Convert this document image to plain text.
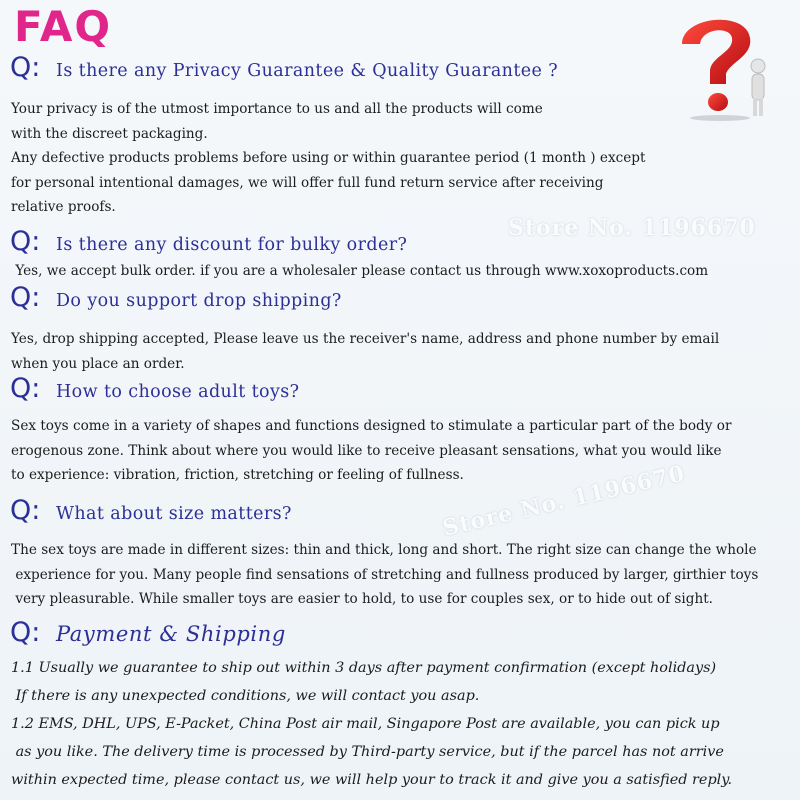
FAQ
Store No. 1196670
Store No. 1196670
Q: Is there any Privacy Guarantee & Quality Guarantee ?
Your privacy is of the utmost importance to us and all the products will come
with the discreet packaging.
Any defective products problems before using or within guarantee period (1 month ) except
for personal intentional damages, we will offer full fund return service after receiving
relative proofs.
Q: Is there any discount for bulky order?
Yes, we accept bulk order. if you are a wholesaler please contact us through www.xoxoproducts.com
Q: Do you support drop shipping?
Yes, drop shipping accepted, Please leave us the receiver's name, address and phone number by email
when you place an order.
Q: How to choose adult toys?
Sex toys come in a variety of shapes and functions designed to stimulate a particular part of the body or
erogenous zone. Think about where you would like to receive pleasant sensations, what you would like
to experience: vibration, friction, stretching or feeling of fullness.
Q: What about size matters?
The sex toys are made in different sizes: thin and thick, long and short. The right size can change the whole
experience for you. Many people find sensations of stretching and fullness produced by larger, girthier toys
very pleasurable. While smaller toys are easier to hold, to use for couples sex, or to hide out of sight.
Q: Payment & Shipping
1.1 Usually we guarantee to ship out within 3 days after payment confirmation (except holidays)
If there is any unexpected conditions, we will contact you asap.
1.2 EMS, DHL, UPS, E-Packet, China Post air mail, Singapore Post are available, you can pick up
as you like. The delivery time is processed by Third-party service, but if the parcel has not arrive
within expected time, please contact us, we will help your to track it and give you a satisfied reply.
